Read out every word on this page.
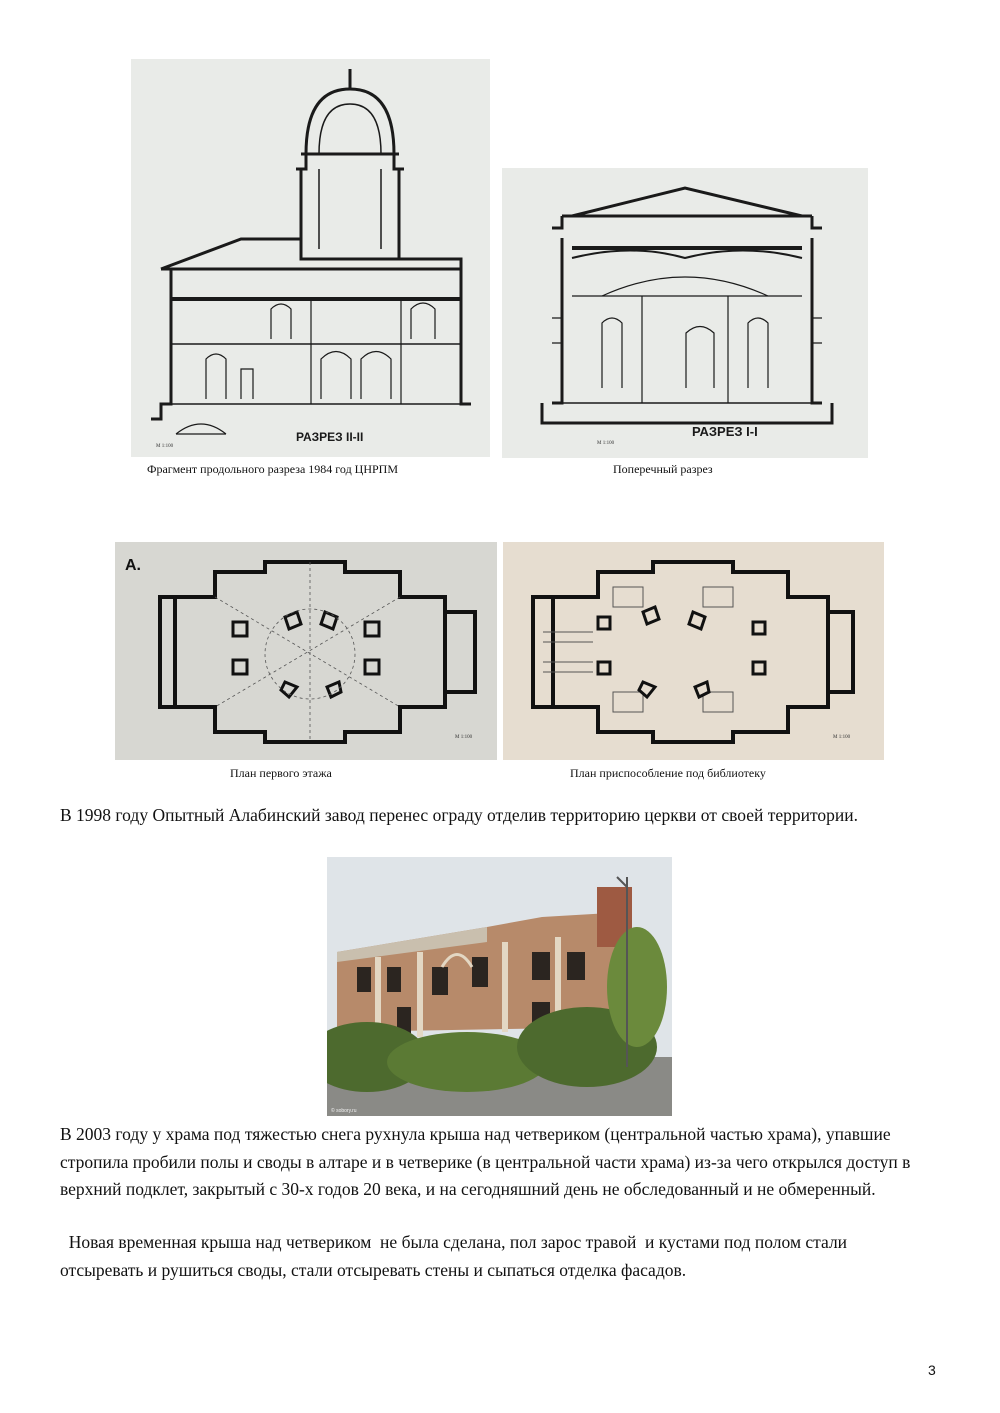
РАЗРЕЗ II-II
М 1:100
РАЗРЕЗ I-I
М 1:100
Фрагмент продольного разреза 1984 год ЦНРПМ	Поперечный разрез
А.
М 1:100	М 1:100
План первого этажа	План приспособление под библиотеку
В 1998 году Опытный Алабинский завод перенес ограду отделив территорию церкви от своей территории.
© sobory.ru
В 2003 году у храма под тяжестью снега рухнула крыша над четвериком (центральной частью храма), упавшие стропила пробили полы и своды в алтаре и в четверике (в центральной части храма) из-за чего открылся доступ в верхний подклет, закрытый с 30-х годов 20 века, и на сегодняшний день не обследованный и не обмеренный.
Новая временная крыша над четвериком  не была сделана, пол зарос травой  и кустами под полом стали отсыревать и рушиться своды, стали отсыревать стены и сыпаться отделка фасадов.
3
